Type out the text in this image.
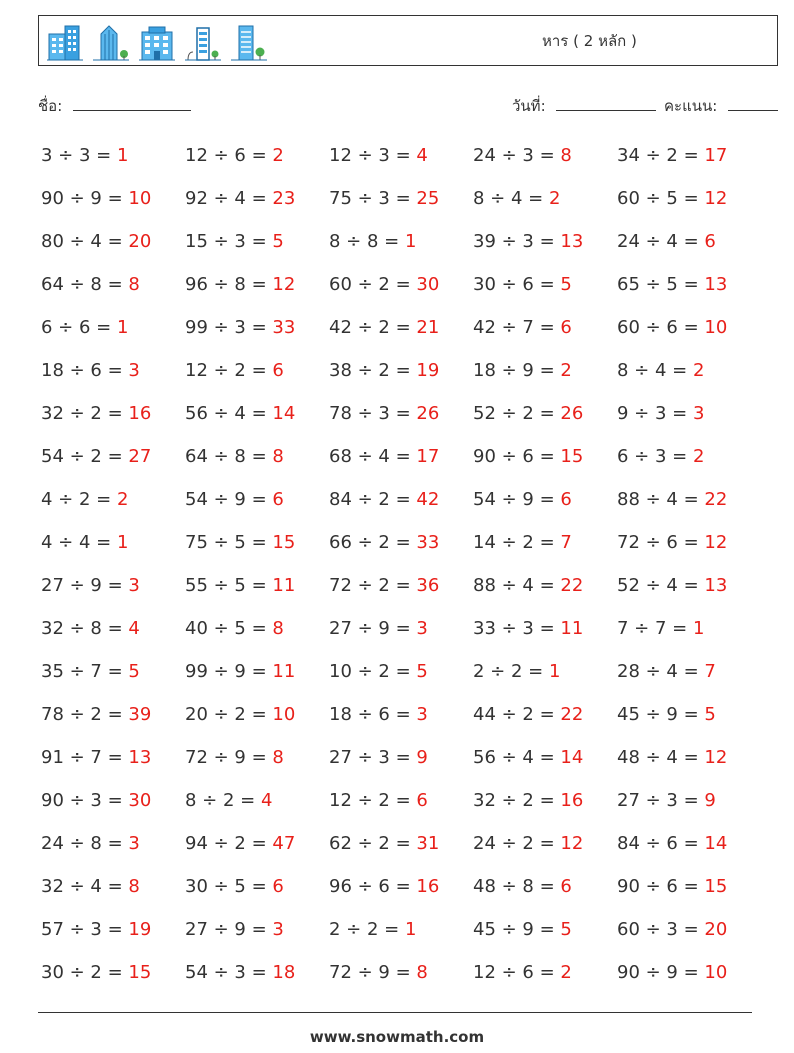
หาร ( 2 หลัก )
ชื่อ:	วันที่:	คะแนน:
3 ÷ 3 = 1	12 ÷ 6 = 2	12 ÷ 3 = 4	24 ÷ 3 = 8	34 ÷ 2 = 17
90 ÷ 9 = 10	92 ÷ 4 = 23	75 ÷ 3 = 25	8 ÷ 4 = 2	60 ÷ 5 = 12
80 ÷ 4 = 20	15 ÷ 3 = 5	8 ÷ 8 = 1	39 ÷ 3 = 13	24 ÷ 4 = 6
64 ÷ 8 = 8	96 ÷ 8 = 12	60 ÷ 2 = 30	30 ÷ 6 = 5	65 ÷ 5 = 13
6 ÷ 6 = 1	99 ÷ 3 = 33	42 ÷ 2 = 21	42 ÷ 7 = 6	60 ÷ 6 = 10
18 ÷ 6 = 3	12 ÷ 2 = 6	38 ÷ 2 = 19	18 ÷ 9 = 2	8 ÷ 4 = 2
32 ÷ 2 = 16	56 ÷ 4 = 14	78 ÷ 3 = 26	52 ÷ 2 = 26	9 ÷ 3 = 3
54 ÷ 2 = 27	64 ÷ 8 = 8	68 ÷ 4 = 17	90 ÷ 6 = 15	6 ÷ 3 = 2
4 ÷ 2 = 2	54 ÷ 9 = 6	84 ÷ 2 = 42	54 ÷ 9 = 6	88 ÷ 4 = 22
4 ÷ 4 = 1	75 ÷ 5 = 15	66 ÷ 2 = 33	14 ÷ 2 = 7	72 ÷ 6 = 12
27 ÷ 9 = 3	55 ÷ 5 = 11	72 ÷ 2 = 36	88 ÷ 4 = 22	52 ÷ 4 = 13
32 ÷ 8 = 4	40 ÷ 5 = 8	27 ÷ 9 = 3	33 ÷ 3 = 11	7 ÷ 7 = 1
35 ÷ 7 = 5	99 ÷ 9 = 11	10 ÷ 2 = 5	2 ÷ 2 = 1	28 ÷ 4 = 7
78 ÷ 2 = 39	20 ÷ 2 = 10	18 ÷ 6 = 3	44 ÷ 2 = 22	45 ÷ 9 = 5
91 ÷ 7 = 13	72 ÷ 9 = 8	27 ÷ 3 = 9	56 ÷ 4 = 14	48 ÷ 4 = 12
90 ÷ 3 = 30	8 ÷ 2 = 4	12 ÷ 2 = 6	32 ÷ 2 = 16	27 ÷ 3 = 9
24 ÷ 8 = 3	94 ÷ 2 = 47	62 ÷ 2 = 31	24 ÷ 2 = 12	84 ÷ 6 = 14
32 ÷ 4 = 8	30 ÷ 5 = 6	96 ÷ 6 = 16	48 ÷ 8 = 6	90 ÷ 6 = 15
57 ÷ 3 = 19	27 ÷ 9 = 3	2 ÷ 2 = 1	45 ÷ 9 = 5	60 ÷ 3 = 20
30 ÷ 2 = 15	54 ÷ 3 = 18	72 ÷ 9 = 8	12 ÷ 6 = 2	90 ÷ 9 = 10
www.snowmath.com
